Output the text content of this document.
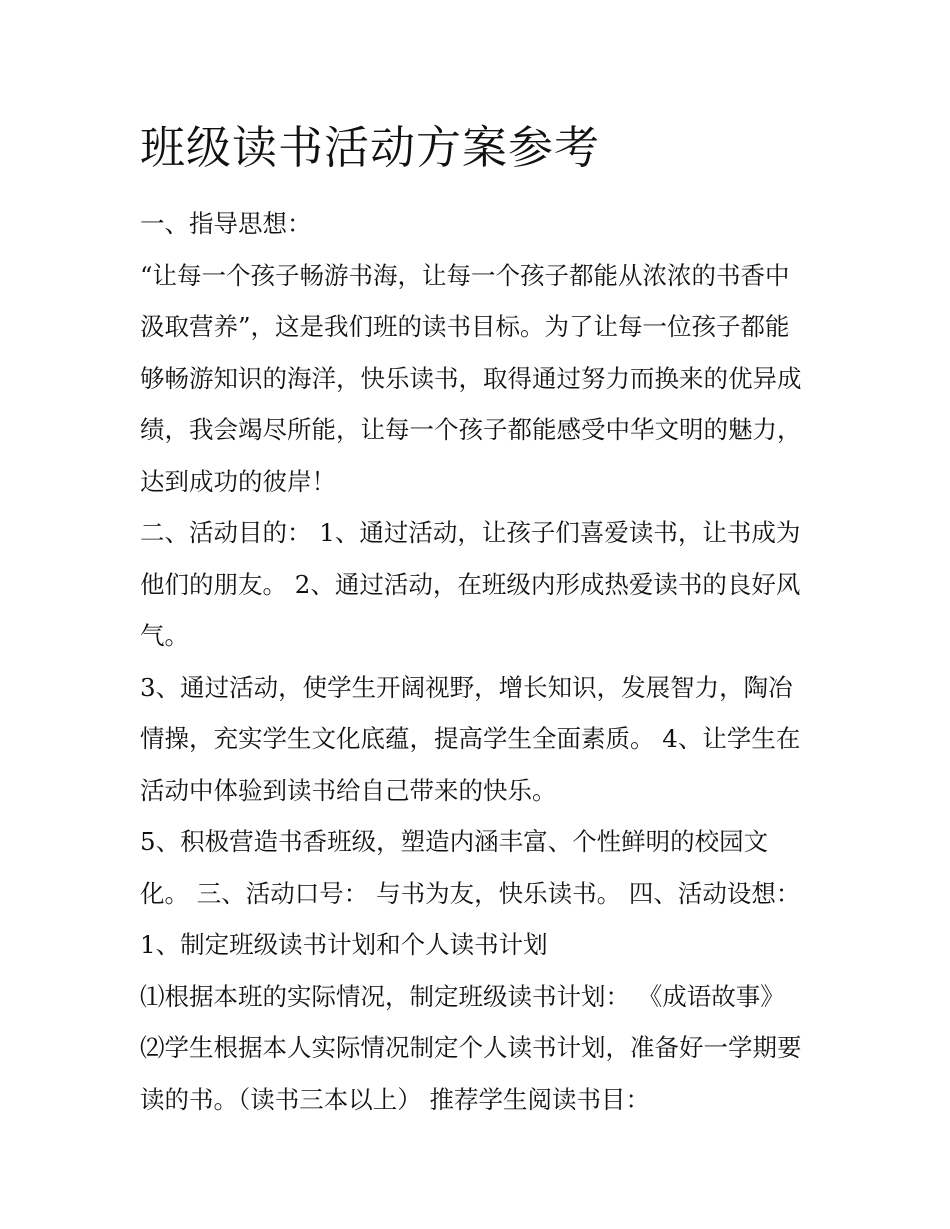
班级读书活动方案参考
一、指导思想：
“让每一个孩子畅游书海，让每一个孩子都能从浓浓的书香中
汲取营养”，这是我们班的读书目标。为了让每一位孩子都能
够畅游知识的海洋，快乐读书，取得通过努力而换来的优异成
绩，我会竭尽所能，让每一个孩子都能感受中华文明的魅力，
达到成功的彼岸！
二、活动目的： 1、通过活动，让孩子们喜爱读书，让书成为
他们的朋友。 2、通过活动，在班级内形成热爱读书的良好风
气。
3、通过活动，使学生开阔视野，增长知识，发展智力，陶冶
情操，充实学生文化底蕴，提高学生全面素质。 4、让学生在
活动中体验到读书给自己带来的快乐。
5、积极营造书香班级，塑造内涵丰富、个性鲜明的校园文
化。 三、活动口号： 与书为友，快乐读书。 四、活动设想：
1、制定班级读书计划和个人读书计划
⑴根据本班的实际情况，制定班级读书计划： 《成语故事》
⑵学生根据本人实际情况制定个人读书计划，准备好一学期要
读的书。（读书三本以上） 推荐学生阅读书目：
